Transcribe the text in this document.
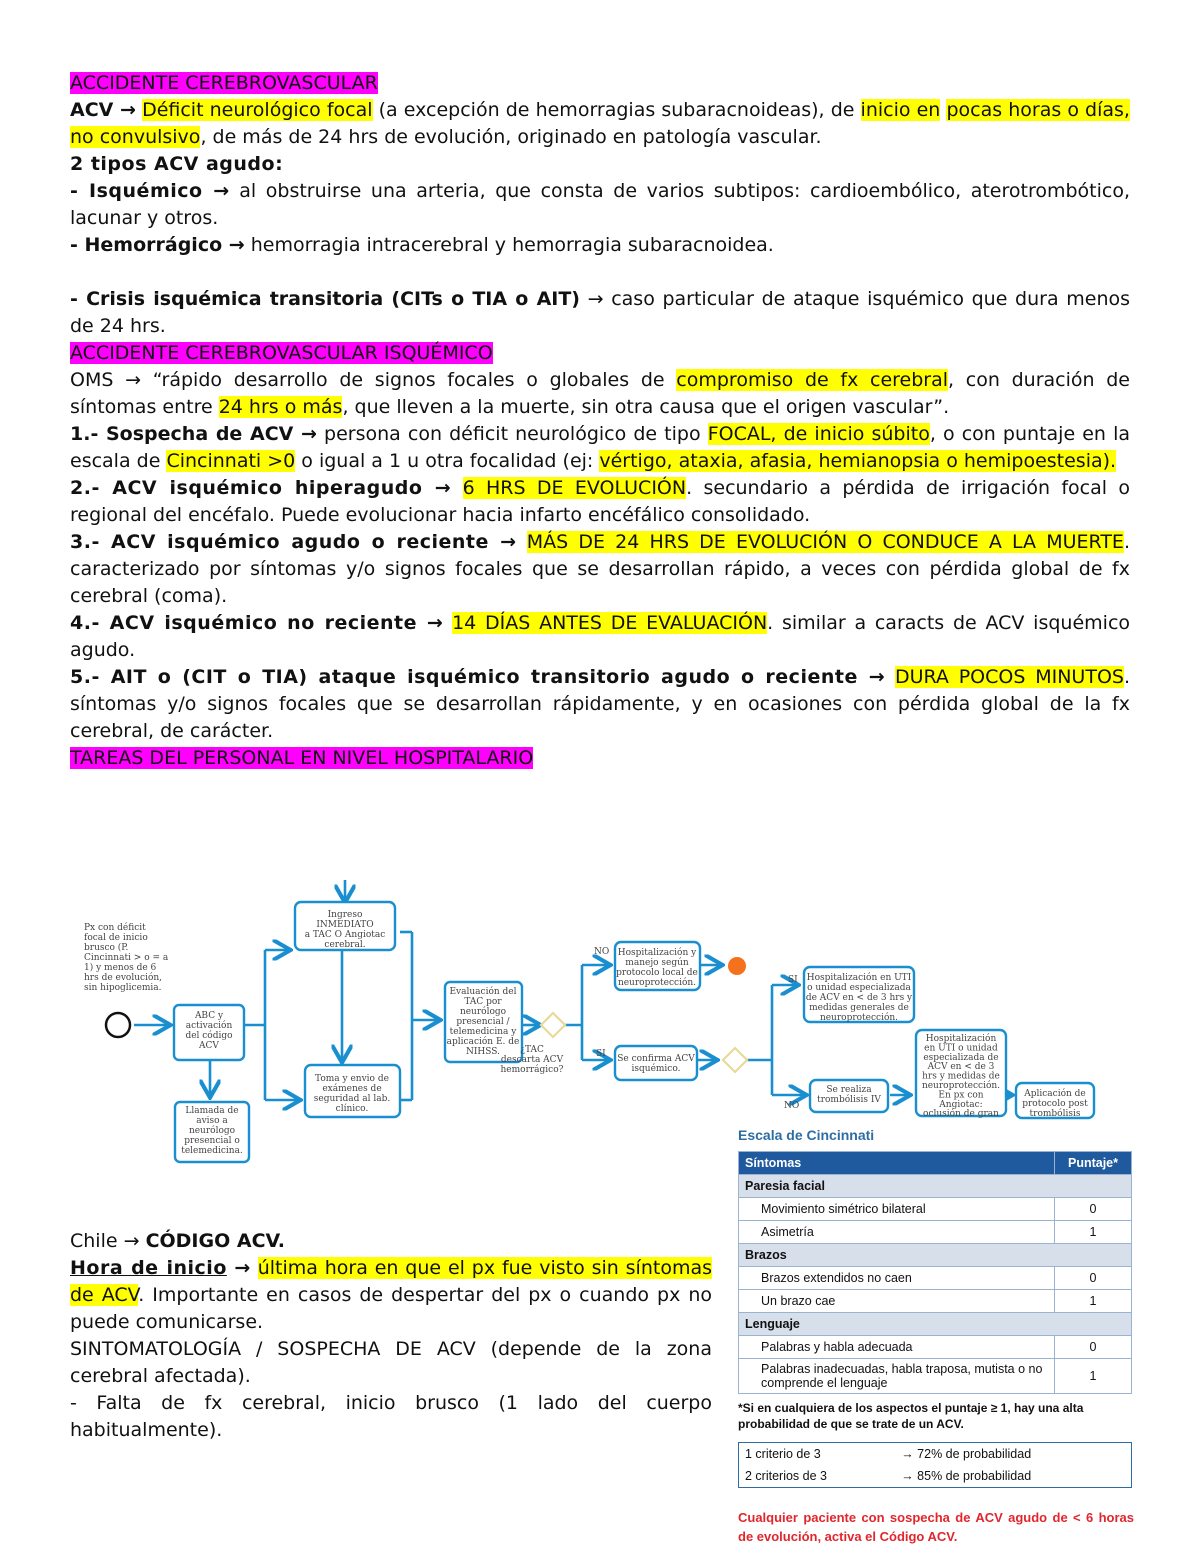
ACCIDENTE CEREBROVASCULAR

ACV → Déficit neurológico focal (a excepción de hemorragias subaracnoideas), de inicio en pocas horas o días, no convulsivo, de más de 24 hrs de evolución, originado en patología vascular.

2 tipos ACV agudo:

- Isquémico → al obstruirse una arteria, que consta de varios subtipos: cardioembólico, aterotrombótico, lacunar y otros.

- Hemorrágico → hemorragia intracerebral y hemorragia subaracnoidea.

- Crisis isquémica transitoria (CITs o TIA o AIT) → caso particular de ataque isquémico que dura menos de 24 hrs.

ACCIDENTE CEREBROVASCULAR ISQUÉMICO

OMS → “rápido desarrollo de signos focales o globales de compromiso de fx cerebral, con duración de síntomas entre 24 hrs o más, que lleven a la muerte, sin otra causa que el origen vascular”.

1.- Sospecha de ACV → persona con déficit neurológico de tipo FOCAL, de inicio súbito, o con puntaje en la escala de Cincinnati >0 o igual a 1 u otra focalidad (ej: vértigo, ataxia, afasia, hemianopsia o hemipoestesia).

2.- ACV isquémico hiperagudo → 6 HRS DE EVOLUCIÓN. secundario a pérdida de irrigación focal o regional del encéfalo. Puede evolucionar hacia infarto encéfálico consolidado.

3.- ACV isquémico agudo o reciente → MÁS DE 24 HRS DE EVOLUCIÓN O CONDUCE A LA MUERTE. caracterizado por síntomas y/o signos focales que se desarrollan rápido, a veces con pérdida global de fx cerebral (coma).

4.- ACV isquémico no reciente → 14 DÍAS ANTES DE EVALUACIÓN. similar a caracts de ACV isquémico agudo.

5.- AIT o (CIT o TIA) ataque isquémico transitorio agudo o reciente → DURA POCOS MINUTOS. síntomas y/o signos focales que se desarrollan rápidamente, y en ocasiones con pérdida global de la fx cerebral, de carácter.

TAREAS DEL PERSONAL EN NIVEL HOSPITALARIO

Px con déficit focal de inicio brusco (P. Cincinnati > o = a 1) y menos de 6 hrs de evolución, sin hipoglicemia.
ABC y activación del código ACV
Llamada de aviso a neurólogo presencial o telemedicina.
Ingreso INMEDIATO a TAC O Angiotac cerebral.
Toma y envio de exámenes de seguridad al lab. clínico.
Evaluación del TAC por neurólogo presencial / telemedicina y aplicación E. de NIHSS.	¿TAC descarta ACV hemorrágico?
Hospitalización y manejo según protocolo local de neuroprotección.
Se confirma ACV isquémico.
Hospitalización en UTI o unidad especializada de ACV en < de 3 hrs y medidas generales de neuroprotección.
Hospitalización en UTI o unidad especializada de ACV en < de 3 hrs y medidas de neuroprotección. En px con Angiotac: oclusión de gran
Se realiza trombólisis IV
Aplicación de protocolo post trombólisis
NO
SI
SI
NO
Escala de Cincinnati
Síntomas	Puntaje*
Paresia facial	
Movimiento simétrico bilateral	0
Asimetría	1
Brazos	
Brazos extendidos no caen	0
Un brazo cae	1
Lenguaje	
Palabras y habla adecuada	0
Palabras inadecuadas, habla traposa, mutista o no comprende el lenguaje	1
*Si en cualquiera de los aspectos el puntaje ≥ 1, hay una alta probabilidad de que se trate de un ACV.
1 criterio de 3	→ 72% de probabilidad
2 criterios de 3	→ 85% de probabilidad
Cualquier paciente con sospecha de ACV agudo de < 6 horas de evolución, activa el Código ACV.

Chile → CÓDIGO ACV.

Hora de inicio → última hora en que el px fue visto sin síntomas de ACV. Importante en casos de despertar del px o cuando px no puede comunicarse.

SINTOMATOLOGÍA / SOSPECHA DE ACV (depende de la zona cerebral afectada).

- Falta de fx cerebral, inicio brusco (1 lado del cuerpo habitualmente).
